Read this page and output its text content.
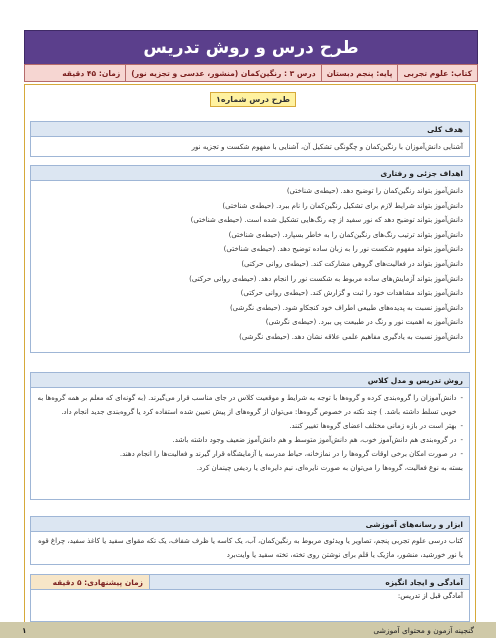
طرح درس و روش تدریس
کتاب: علوم تجربی
پایه: پنجم دبستان
درس ۳ : رنگین‌کمان (منشور، عدسی و تجزیه نور)
زمان: ۴۵ دقیقه
طرح درس شماره۱
هدف کلی
آشنایی دانش‌آموزان با رنگین‌کمان و چگونگی تشکیل آن، آشنایی با مفهوم شکست و تجزیه نور
اهداف جزئی و رفتاری
دانش‌آموز بتواند رنگین‌کمان را توضیح دهد. (حیطه‌ی شناختی)
دانش‌آموز بتواند شرایط لازم برای تشکیل رنگین‌کمان را نام ببرد. (حیطه‌ی شناختی)
دانش‌آموز بتواند توضیح دهد که نور سفید از چه رنگ‌هایی تشکیل شده است. (حیطه‌ی شناختی)
دانش‌آموز بتواند ترتیب رنگ‌های رنگین‌کمان را به خاطر بسپارد. (حیطه‌ی شناختی)
دانش‌آموز بتواند مفهوم شکست نور را به زبان ساده توضیح دهد. (حیطه‌ی شناختی)
دانش‌آموز بتواند در فعالیت‌های گروهی مشارکت کند. (حیطه‌ی روانی حرکتی)
دانش‌آموز بتواند آزمایش‌های ساده مربوط به شکست نور را انجام دهد. (حیطه‌ی روانی حرکتی)
دانش‌آموز بتواند مشاهدات خود را ثبت و گزارش کند. (حیطه‌ی روانی حرکتی)
دانش‌آموز نسبت به پدیده‌های طبیعی اطراف خود کنجکاو شود. (حیطه‌ی نگرشی)
دانش‌آموز به اهمیت نور و رنگ در طبیعت پی ببرد. (حیطه‌ی نگرشی)
دانش‌آموز نسبت به یادگیری مفاهیم علمی علاقه نشان دهد. (حیطه‌ی نگرشی)
روش تدریس و مدل کلاس
-
دانش‌آموزان را گروه‌بندی کرده و گروه‌ها با توجه به شرایط و موقعیت کلاس در جای مناسب قرار می‌گیرند. (به گونه‌ای که معلم بر همه گروه‌ها به خوبی تسلط داشته باشد. ) چند نکته در خصوص گروه‌ها: می‌توان از گروه‌های از پیش تعیین شده استفاده کرد یا گروه‌بندی جدید انجام داد.
-
بهتر است در بازه زمانی مختلف اعضای گروه‌ها تغییر کنند.
-
در گروه‌بندی هم دانش‌آموز خوب، هم دانش‌آموز متوسط و هم دانش‌آموز ضعیف وجود داشته باشد.
-
در صورت امکان برخی اوقات گروه‌ها را در نمازخانه، حیاط مدرسه یا آزمایشگاه قرار گیرند و فعالیت‌ها را انجام دهند.
بسته به نوع فعالیت، گروه‌ها را می‌توان به صورت نایره‌ای، نیم دایره‌ای یا ردیفی چینمان کرد.
ابزار و رسانه‌های آموزشی
کتاب درسی علوم تجربی پنجم، تصاویر یا ویدئوی مربوط به رنگین‌کمان، آب، یک کاسه یا ظرف شفاف، یک تکه مقوای سفید یا کاغذ سفید، چراغ قوه یا نور خورشید، منشور، ماژیک یا قلم برای نوشتن روی تخته، تخته سفید یا وایت‌برد
آمادگی و ایجاد انگیزه
زمان پیشنهادی: ۵ دقیقه
آمادگی قبل از تدریس:
گنجینه آزمون و محتوای آموزشی
۱
